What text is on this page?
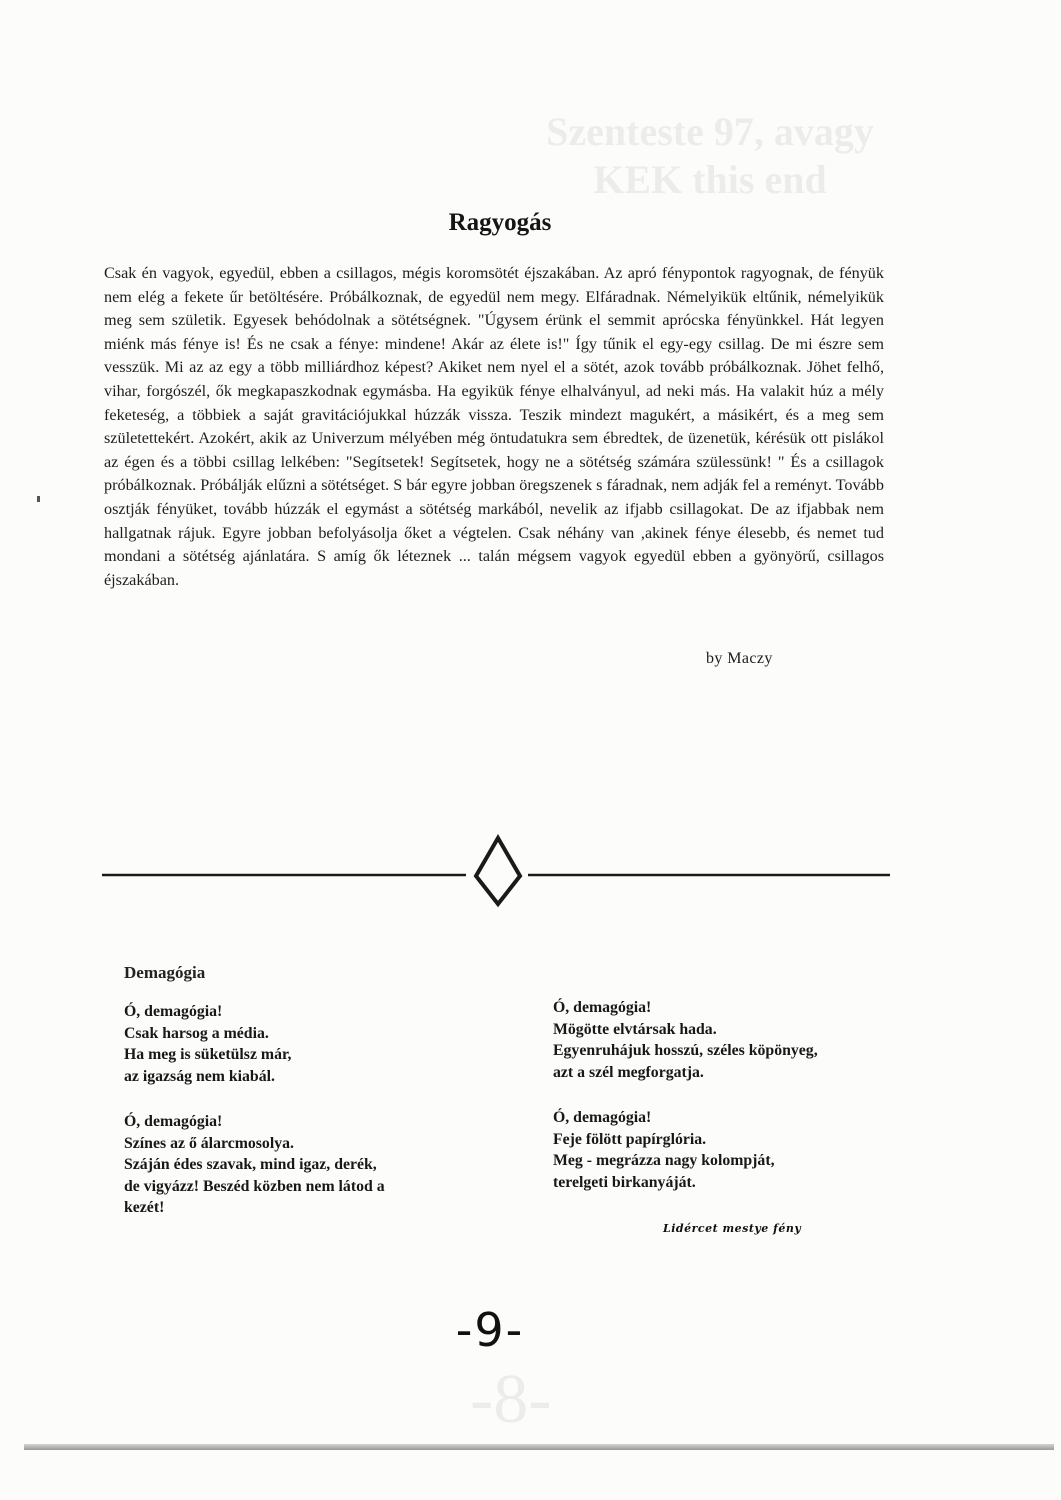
Szenteste 97, avagy KEK this end
-8-
Ragyogás

Csak én vagyok, egyedül, ebben a csillagos, mégis koromsötét éjszakában. Az apró fénypontok ragyognak, de fényük nem elég a fekete űr betöltésére. Próbálkoznak, de egyedül nem megy. Elfáradnak. Némelyikük eltűnik, némelyikük meg sem születik. Egyesek behódolnak a sötétségnek. "Úgysem érünk el semmit aprócska fényünkkel. Hát legyen miénk más fénye is! És ne csak a fénye: mindene! Akár az élete is!" Így tűnik el egy-egy csillag. De mi észre sem vesszük. Mi az az egy a több milliárdhoz képest? Akiket nem nyel el a sötét, azok tovább próbálkoznak. Jöhet felhő, vihar, forgószél, ők megkapaszkodnak egymásba. Ha egyikük fénye elhalványul, ad neki más. Ha valakit húz a mély feketeség, a többiek a saját gravitációjukkal húzzák vissza. Teszik mindezt magukért, a másikért, és a meg sem születettekért. Azokért, akik az Univerzum mélyében még öntudatukra sem ébredtek, de üzenetük, kérésük ott pislákol az égen és a többi csillag lelkében: "Segítsetek! Segítsetek, hogy ne a sötétség számára szülessünk! " És a csillagok próbálkoznak. Próbálják elűzni a sötétséget. S bár egyre jobban öregszenek s fáradnak, nem adják fel a reményt. Tovább osztják fényüket, tovább húzzák el egymást a sötétség markából, nevelik az ifjabb csillagokat. De az ifjabbak nem hallgatnak rájuk. Egyre jobban befolyásolja őket a végtelen. Csak néhány van ,akinek fénye élesebb, és nemet tud mondani a sötétség ajánlatára. S amíg ők léteznek ... talán mégsem vagyok egyedül ebben a gyönyörű, csillagos éjszakában.

by Maczy
Demagógia
Ó, demagógia!
Csak harsog a média.
Ha meg is süketülsz már,
az igazság nem kiabál.
Ó, demagógia!
Színes az ő álarcmosolya.
Száján édes szavak, mind igaz, derék,
de vigyázz! Beszéd közben nem látod a
kezét!
Ó, demagógia!
Mögötte elvtársak hada.
Egyenruhájuk hosszú, széles köpönyeg,
azt a szél megforgatja.
Ó, demagógia!
Feje fölött papírglória.
Meg - megrázza nagy kolompját,
terelgeti birkanyáját.
Lidércet mestye fény
-9-
